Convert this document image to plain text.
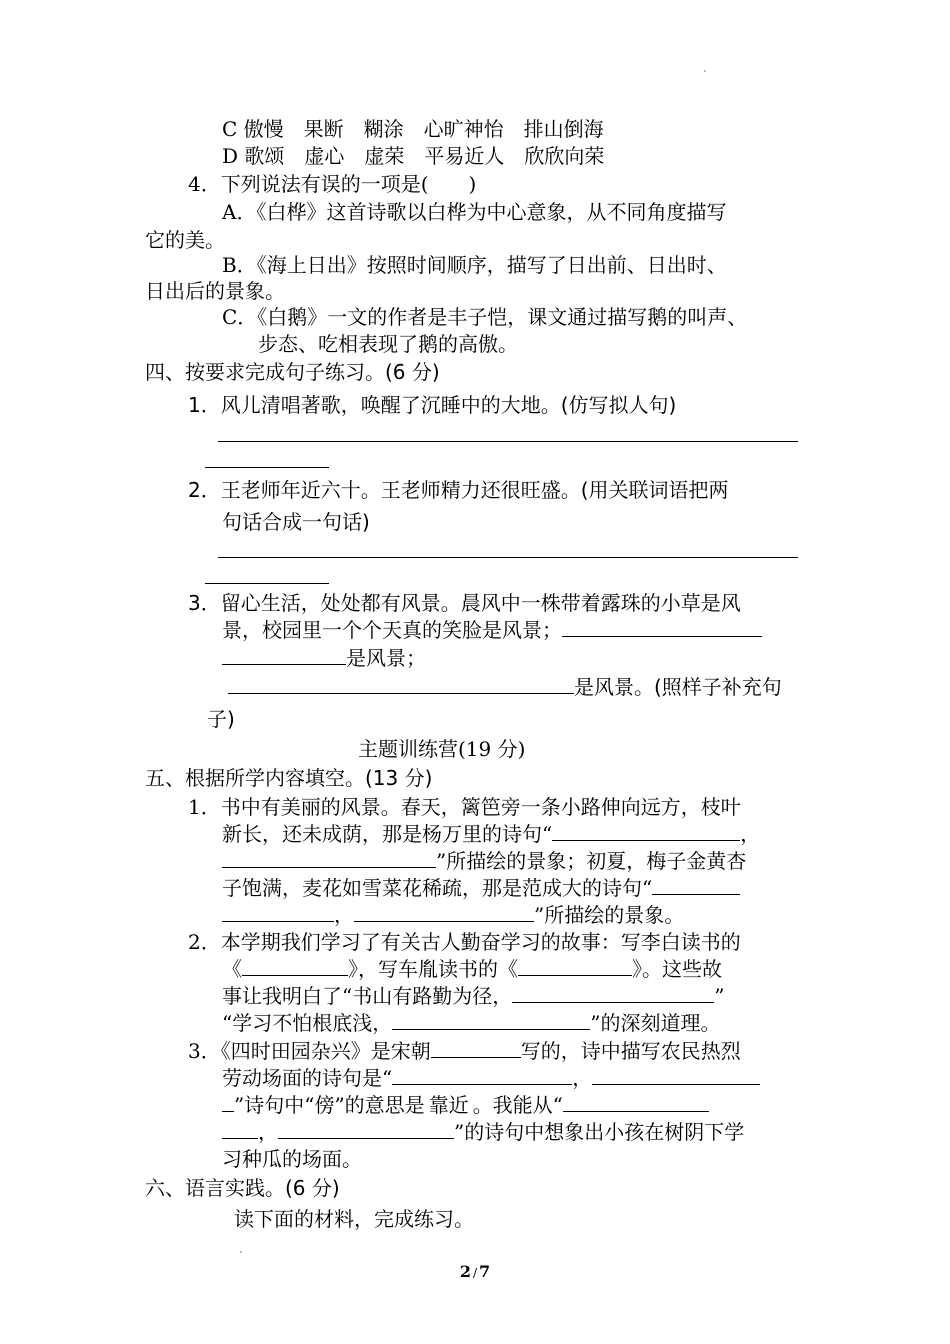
C 傲慢　果断　糊涂　心旷神怡　排山倒海
D 歌颂　虚心　虚荣　平易近人　欣欣向荣
4．下列说法有误的一项是(　　)
A．《白桦》这首诗歌以白桦为中心意象，从不同角度描写
它的美。
B．《海上日出》按照时间顺序，描写了日出前、日出时、
日出后的景象。
C．《白鹅》一文的作者是丰子恺，课文通过描写鹅的叫声、
步态、吃相表现了鹅的高傲。
四、按要求完成句子练习。(6 分)
1．风儿清唱著歌，唤醒了沉睡中的大地。(仿写拟人句)
2．王老师年近六十。王老师精力还很旺盛。(用关联词语把两
句话合成一句话)
3．留心生活，处处都有风景。晨风中一株带着露珠的小草是风
景，校园里一个个天真的笑脸是风景；
是风景；
是风景。(照样子补充句
子)
主题训练营(19 分)
五、根据所学内容填空。(13 分)
1．书中有美丽的风景。春天，篱笆旁一条小路伸向远方，枝叶
新长，还未成荫，那是杨万里的诗句“	，
”所描绘的景象；初夏，梅子金黄杏
子饱满，麦花如雪菜花稀疏，那是范成大的诗句“
，	”所描绘的景象。
2．本学期我们学习了有关古人勤奋学习的故事：写李白读书的
《	》，写车胤读书的《	》。这些故
事让我明白了“书山有路勤为径，	”
“学习不怕根底浅，	”的深刻道理。
3．《四时田园杂兴》是宋朝	写的，诗中描写农民热烈
劳动场面的诗句是“	，
”诗句中“傍”的意思是 靠近 。我能从“
，	”的诗句中想象出小孩在树阴下学
习种瓜的场面。
六、语言实践。(6 分)
读下面的材料，完成练习。
2 / 7
